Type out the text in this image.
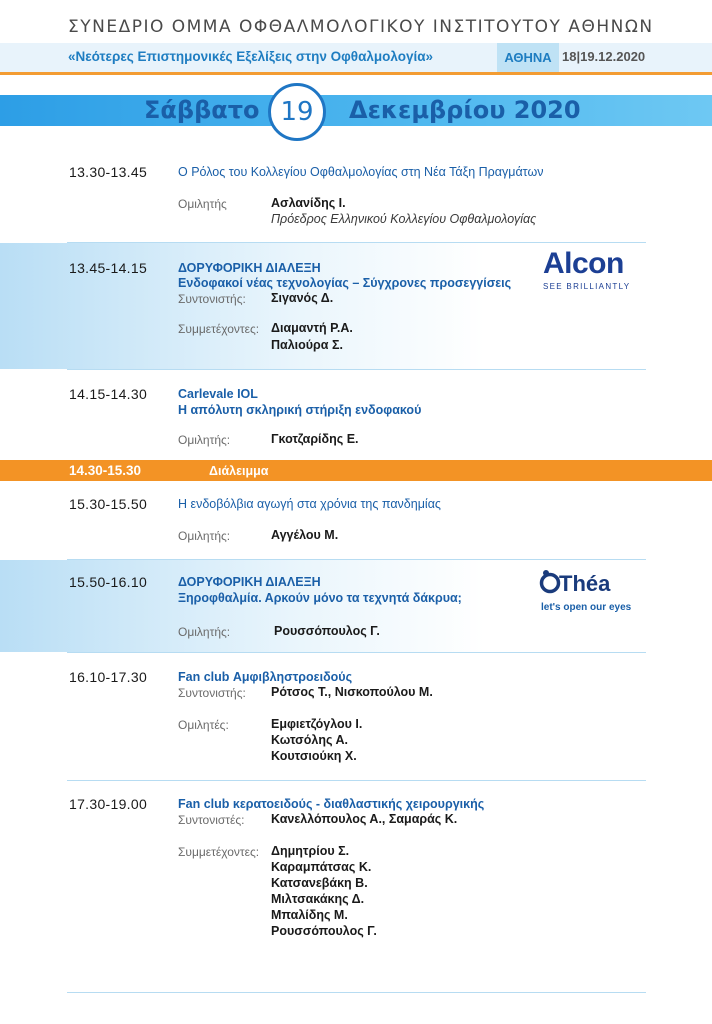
ΣΥΝΕΔΡΙΟ ΟΜΜΑ ΟΦΘΑΛΜΟΛΟΓΙΚΟΥ ΙΝΣΤΙΤΟΥΤΟΥ ΑΘΗΝΩΝ
«Νεότερες Επιστημονικές Εξελίξεις στην Οφθαλμολογία»	ΑΘΗΝΑ 18|19.12.2020
Σάββατο 19	Δεκεμβρίου 2020
13.30-13.45 Ο Ρόλος του Κολλεγίου Οφθαλμολογίας στη Νέα Τάξη Πραγμάτων
Ομιλητής	Ασλανίδης Ι.
Πρόεδρος Ελληνικού Κολλεγίου Οφθαλμολογίας
13.45-14.15 ΔΟΡΥΦΟΡΙΚΗ ΔΙΑΛΕΞΗ
Ενδοφακοί νέας τεχνολογίας – Σύγχρονες προσεγγίσεις
Συντονιστής: Σιγανός Δ.
Συμμετέχοντες: Διαμαντή Ρ.Α.
Παλιούρα Σ.
Alcon
SEE BRILLIANTLY
14.15-14.30 Carlevale IOL
Η απόλυτη σκληρική στήριξη ενδοφακού
Ομιλητής:	Γκοτζαρίδης Ε.
14.30-15.30	Διάλειμμα
15.30-15.50 Η ενδοβόλβια αγωγή στα χρόνια της πανδημίας
Ομιλητής:	Αγγέλου Μ.
15.50-16.10 ΔΟΡΥΦΟΡΙΚΗ ΔΙΑΛΕΞΗ
Ξηροφθαλμία. Αρκούν μόνο τα τεχνητά δάκρυα;
Ομιλητής:	Ρουσσόπουλος Γ.
Théa
let's open our eyes
16.10-17.30 Fan club Αμφιβληστροειδούς
Συντονιστής: Ρότσος Τ., Νισκοπούλου Μ.
Ομιλητές:	Εμφιετζόγλου Ι.
Κωτσόλης Α.
Κουτσιούκη Χ.
17.30-19.00 Fan club κερατοειδούς - διαθλαστικής χειρουργικής
Συντονιστές: Κανελλόπουλος Α., Σαμαράς Κ.
Συμμετέχοντες: Δημητρίου Σ.
Καραμπάτσας Κ.
Κατσανεβάκη Β.
Μιλτσακάκης Δ.
Μπαλίδης Μ.
Ρουσσόπουλος Γ.
